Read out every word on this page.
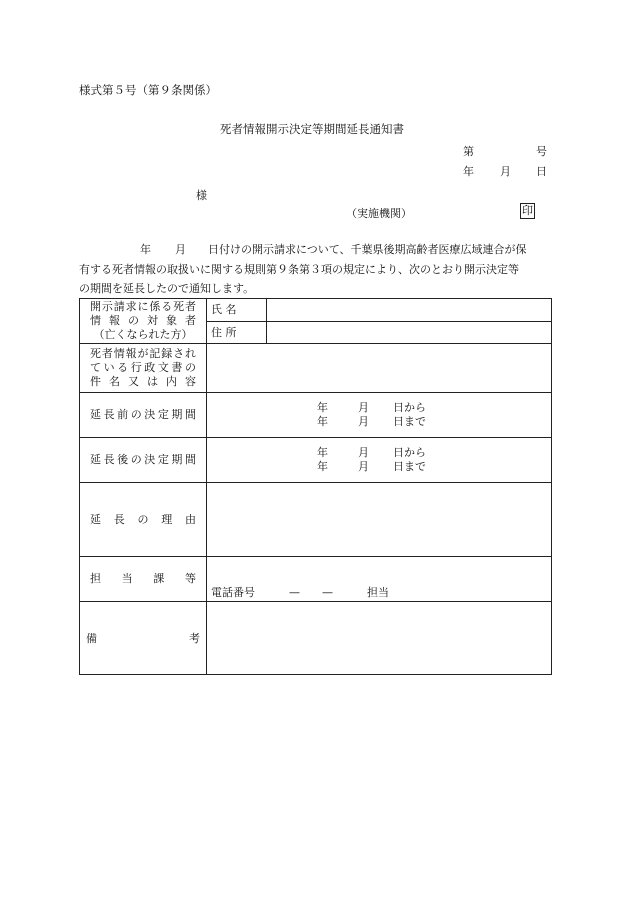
様式第５号（第９条関係）
死者情報開示決定等期間延長通知書
第	号
年 月 日
様
（実施機関）	印
年 月 日付けの開示請求について、千葉県後期高齢者医療広域連合が保
有する死者情報の取扱いに関する規則第９条第３項の規定により、次のとおり開示決定等
の期間を延長したので通知します。
開示請求に係る死者
情 報 の 対 象 者
（亡くなられた方）	氏 名	
	住 所	

死者情報が記録され
ている行政文書の
件 名 又 は 内 容		

延長前の決定期間	年 月 日から
年 月 日まで	

延長後の決定期間	年 月 日から
年 月 日まで	

延　長　の　理　由		

担　当　課　等	電話番号 —　　— 担当	

備 考		
